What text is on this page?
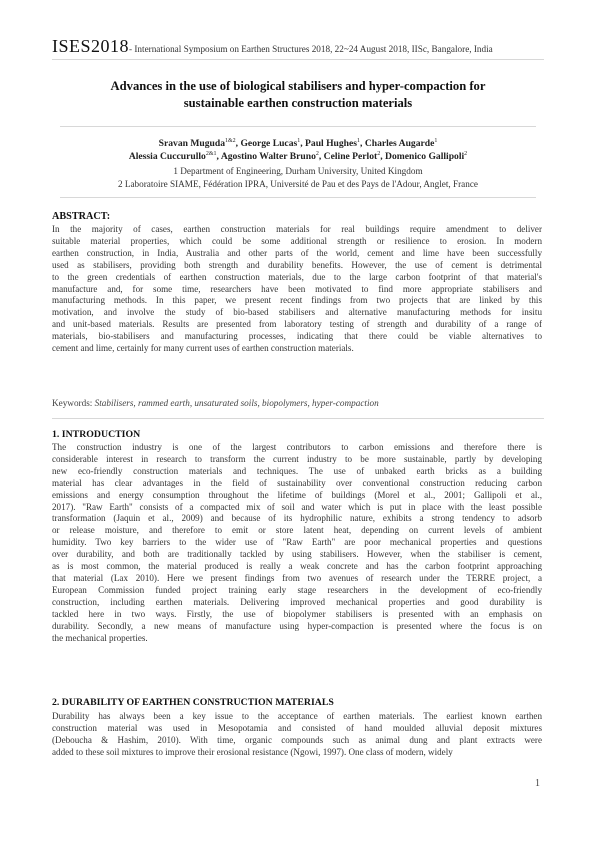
ISES2018- International Symposium on Earthen Structures 2018, 22~24 August 2018, IISc, Bangalore, India
Advances in the use of biological stabilisers and hyper-compaction for
sustainable earthen construction materials
Sravan Muguda$^{1\&2}$, George Lucas$^1$, Paul Hughes$^1$, Charles Augarde$^1$
Alessia Cuccurullo$^{2\&1}$, Agostino Walter Bruno$^2$, Celine Perlot$^2$, Domenico Gallipoli$^2$
1 Department of Engineering, Durham University, United Kingdom
2 Laboratoire SIAME, Fédération IPRA, Université de Pau et des Pays de l'Adour, Anglet, France
ABSTRACT:
In the majority of cases, earthen construction materials for real buildings require amendment to deliver
suitable material properties, which could be some additional strength or resilience to erosion. In modern
earthen construction, in India, Australia and other parts of the world, cement and lime have been successfully
used as stabilisers, providing both strength and durability benefits. However, the use of cement is detrimental
to the green credentials of earthen construction materials, due to the large carbon footprint of that material's
manufacture and, for some time, researchers have been motivated to find more appropriate stabilisers and
manufacturing methods. In this paper, we present recent findings from two projects that are linked by this
motivation, and involve the study of bio-based stabilisers and alternative manufacturing methods for insitu
and unit-based materials. Results are presented from laboratory testing of strength and durability of a range of
materials, bio-stabilisers and manufacturing processes, indicating that there could be viable alternatives to
cement and lime, certainly for many current uses of earthen construction materials.
Keywords: Stabilisers, rammed earth, unsaturated soils, biopolymers, hyper-compaction
1. INTRODUCTION
The construction industry is one of the largest contributors to carbon emissions and therefore there is
considerable interest in research to transform the current industry to be more sustainable, partly by developing
new eco-friendly construction materials and techniques. The use of unbaked earth bricks as a building
material has clear advantages in the field of sustainability over conventional construction reducing carbon
emissions and energy consumption throughout the lifetime of buildings (Morel et al., 2001; Gallipoli et al.,
2017). "Raw Earth" consists of a compacted mix of soil and water which is put in place with the least possible
transformation (Jaquin et al., 2009) and because of its hydrophilic nature, exhibits a strong tendency to adsorb
or release moisture, and therefore to emit or store latent heat, depending on current levels of ambient
humidity. Two key barriers to the wider use of "Raw Earth" are poor mechanical properties and questions
over durability, and both are traditionally tackled by using stabilisers. However, when the stabiliser is cement,
as is most common, the material produced is really a weak concrete and has the carbon footprint approaching
that material (Lax 2010). Here we present findings from two avenues of research under the TERRE project, a
European Commission funded project training early stage researchers in the development of eco-friendly
construction, including earthen materials. Delivering improved mechanical properties and good durability is
tackled here in two ways. Firstly, the use of biopolymer stabilisers is presented with an emphasis on
durability. Secondly, a new means of manufacture using hyper-compaction is presented where the focus is on
the mechanical properties.
2. DURABILITY OF EARTHEN CONSTRUCTION MATERIALS
Durability has always been a key issue to the acceptance of earthen materials. The earliest known earthen
construction material was used in Mesopotamia and consisted of hand moulded alluvial deposit mixtures
(Deboucha & Hashim, 2010). With time, organic compounds such as animal dung and plant extracts were
added to these soil mixtures to improve their erosional resistance (Ngowi, 1997). One class of modern, widely
1
